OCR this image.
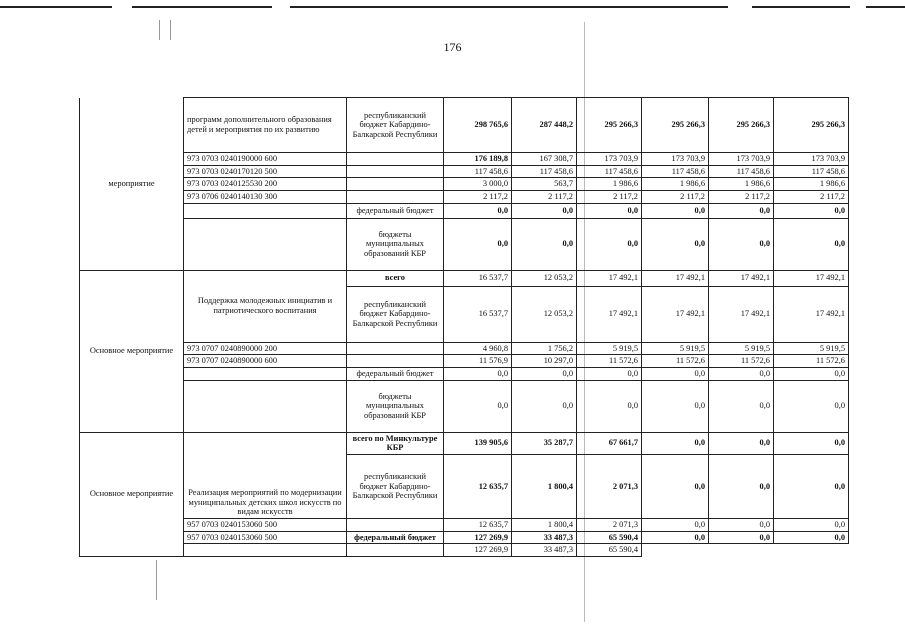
176
мероприятие	программ дополнительного образования детей и мероприятия по их развитию	республиканский бюджет Кабардино-Балкарской Республики	298 765,6	287 448,2	295 266,3	295 266,3	295 266,3	295 266,3
	973 0703 0240190000 600		176 189,8	167 308,7	173 703,9	173 703,9	173 703,9	173 703,9
	973 0703 0240170120 500		117 458,6	117 458,6	117 458,6	117 458,6	117 458,6	117 458,6
	973 0703 0240125530 200		3 000,0	563,7	1 986,6	1 986,6	1 986,6	1 986,6
	973 0706 0240140130 300		2 117,2	2 117,2	2 117,2	2 117,2	2 117,2	2 117,2
		федеральный бюджет	0,0	0,0	0,0	0,0	0,0	0,0
		бюджеты муниципальных образований КБР	0,0	0,0	0,0	0,0	0,0	0,0
Основное мероприятие	Поддержка молодежных инициатив и патриотического воспитания	всего	16 537,7	12 053,2	17 492,1	17 492,1	17 492,1	17 492,1
		республиканский бюджет Кабардино-Балкарской Республики	16 537,7	12 053,2	17 492,1	17 492,1	17 492,1	17 492,1
	973 0707 0240890000 200		4 960,8	1 756,2	5 919,5	5 919,5	5 919,5	5 919,5
	973 0707 0240890000 600		11 576,9	10 297,0	11 572,6	11 572,6	11 572,6	11 572,6
		федеральный бюджет	0,0	0,0	0,0	0,0	0,0	0,0
		бюджеты муниципальных образований КБР	0,0	0,0	0,0	0,0	0,0	0,0
Основное мероприятие	Реализация мероприятий по модернизации муниципальных детских школ искусств по видам искусств	всего по Минкультуре КБР	139 905,6	35 287,7	67 661,7	0,0	0,0	0,0
		республиканский бюджет Кабардино-Балкарской Республики	12 635,7	1 800,4	2 071,3	0,0	0,0	0,0
	957 0703 0240153060 500		12 635,7	1 800,4	2 071,3	0,0	0,0	0,0
	957 0703 0240153060 500	федеральный бюджет	127 269,9	33 487,3	65 590,4	0,0	0,0	0,0
			127 269,9	33 487,3	65 590,4			
